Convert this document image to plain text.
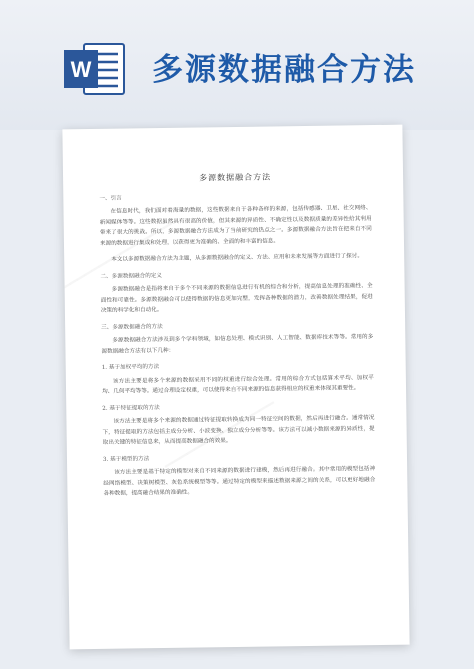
W 多源数据融合方法
多源数据融合方法
一、引言

在信息时代，我们面对着海量的数据，这些数据来自于各种各样的来源，包括传感器、卫星、社交网络、新闻媒体等等。这些数据虽然具有很高的价值，但其来源的异质性、不确定性以及数据质量的差异性给其利用带来了很大的挑战。所以，多源数据融合方法成为了当前研究的热点之一。多源数据融合方法旨在把来自不同来源的数据进行集成和处理，以获得更为准确的、全面的和丰富的信息。

本文以多源数据融合方法为主题，从多源数据融合的定义、方法、应用和未来发展等方面进行了探讨。

二、多源数据融合的定义

多源数据融合是指将来自于多个不同来源的数据信息进行有机的综合和分析，提高信息处理的准确性、全面性和可靠性。多源数据融合可以使得数据的信息更加完整，发挥各种数据的潜力，改善数据处理结果，促进决策的科学化和自动化。

三、多源数据融合的方法

多源数据融合方法涉及到多个学科领域，如信息处理、模式识别、人工智能、数据库技术等等。常用的多源数据融合方法有以下几种：

1. 基于加权平均的方法

该方法主要是将多个来源的数据采用不同的权重进行综合处理。常用的综合方式包括算术平均、加权平均、几何平均等等。通过合理设定权重，可以使得来自不同来源的信息获得相应的权重来体现其重要性。

2. 基于特征提取的方法

该方法主要是将多个来源的数据通过特征提取转换成为同一特征空间的数据，然后再进行融合。通常情况下，特征提取的方法包括主成分分析、小波变换、独立成分分析等等。该方法可以减小数据来源的异质性，提取出关键的特征信息来，从而提高数据融合的效果。

3. 基于模型的方法

该方法主要是基于特定的模型对来自不同来源的数据进行建模，然后再进行融合。其中常用的模型包括神经网络模型、决策树模型、灰色系统模型等等。通过特定的模型来描述数据来源之间的关系，可以更好地融合各种数据，提高融合结果的准确性。
